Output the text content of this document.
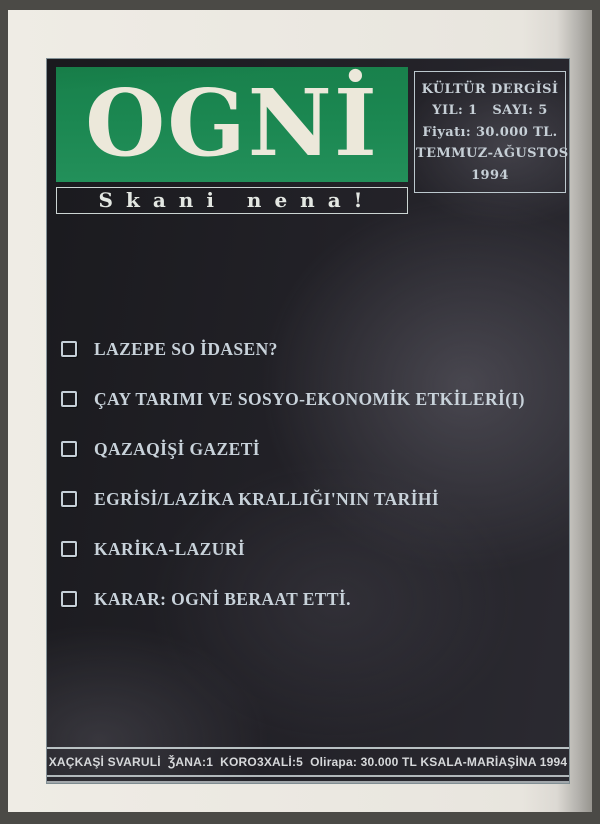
OGNİ
Skani nena!
KÜLTÜR DERGİSİ
YIL: 1   SAYI: 5
Fiyatı: 30.000 TL.
TEMMUZ-AĞUSTOS
1994
LAZEPE SO İDASEN?
ÇAY TARIMI VE SOSYO-EKONOMİK ETKİLERİ(I)
QAZAQİŞİ GAZETİ
EGRİSİ/LAZİKA KRALLIĞI'NIN TARİHİ
KARİKA-LAZURİ
KARAR: OGNİ BERAAT ETTİ.
XAÇKAŞİ SVARULİ  ǮANA:1  KORO3XALİ:5  Olirapa: 30.000 TL KSALA-MARİAŞİNA 1994
